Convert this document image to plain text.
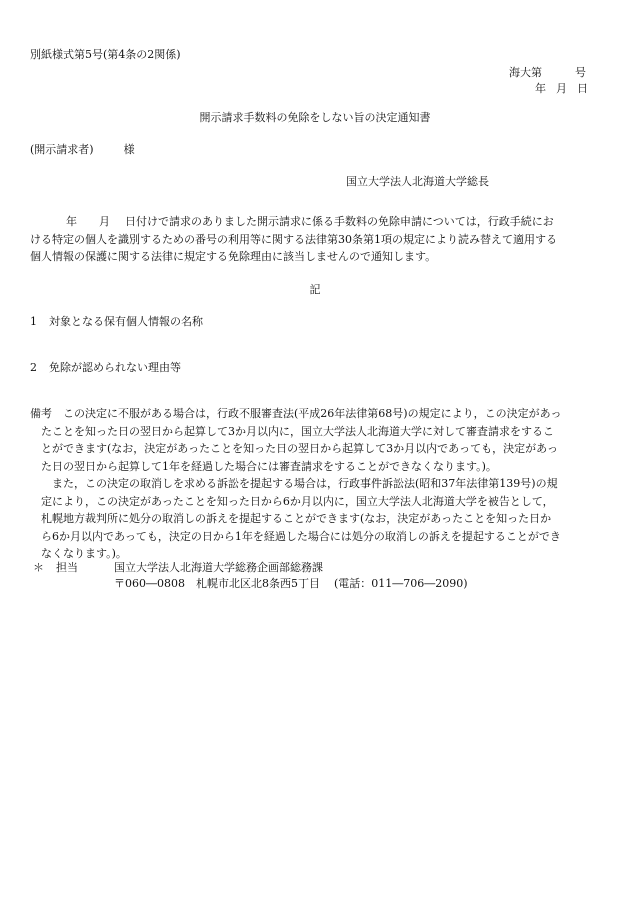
別紙様式第5号(第4条の2関係)
海大第	号
年 月 日
開示請求手数料の免除をしない旨の決定通知書
(開示請求者)	様
国立大学法人北海道大学総長
年 月 日付けで請求のありました開示請求に係る手数料の免除申請については，行政手続にお
ける特定の個人を識別するための番号の利用等に関する法律第30条第1項の規定により読み替えて適用する
個人情報の保護に関する法律に規定する免除理由に該当しませんので通知します。
記
1 対象となる保有個人情報の名称
2 免除が認められない理由等
備考 この決定に不服がある場合は，行政不服審査法(平成26年法律第68号)の規定により，この決定があっ
たことを知った日の翌日から起算して3か月以内に，国立大学法人北海道大学に対して審査請求をするこ
とができます(なお，決定があったことを知った日の翌日から起算して3か月以内であっても，決定があっ
た日の翌日から起算して1年を経過した場合には審査請求をすることができなくなります。)。
また，この決定の取消しを求める訴訟を提起する場合は，行政事件訴訟法(昭和37年法律第139号)の規
定により，この決定があったことを知った日から6か月以内に，国立大学法人北海道大学を被告として，
札幌地方裁判所に処分の取消しの訴えを提起することができます(なお，決定があったことを知った日か
ら6か月以内であっても，決定の日から1年を経過した場合には処分の取消しの訴えを提起することができ
なくなります。)。
＊ 担当	国立大学法人北海道大学総務企画部総務課
〒060―0808　札幌市北区北8条西5丁目 (電話：011―706―2090)
